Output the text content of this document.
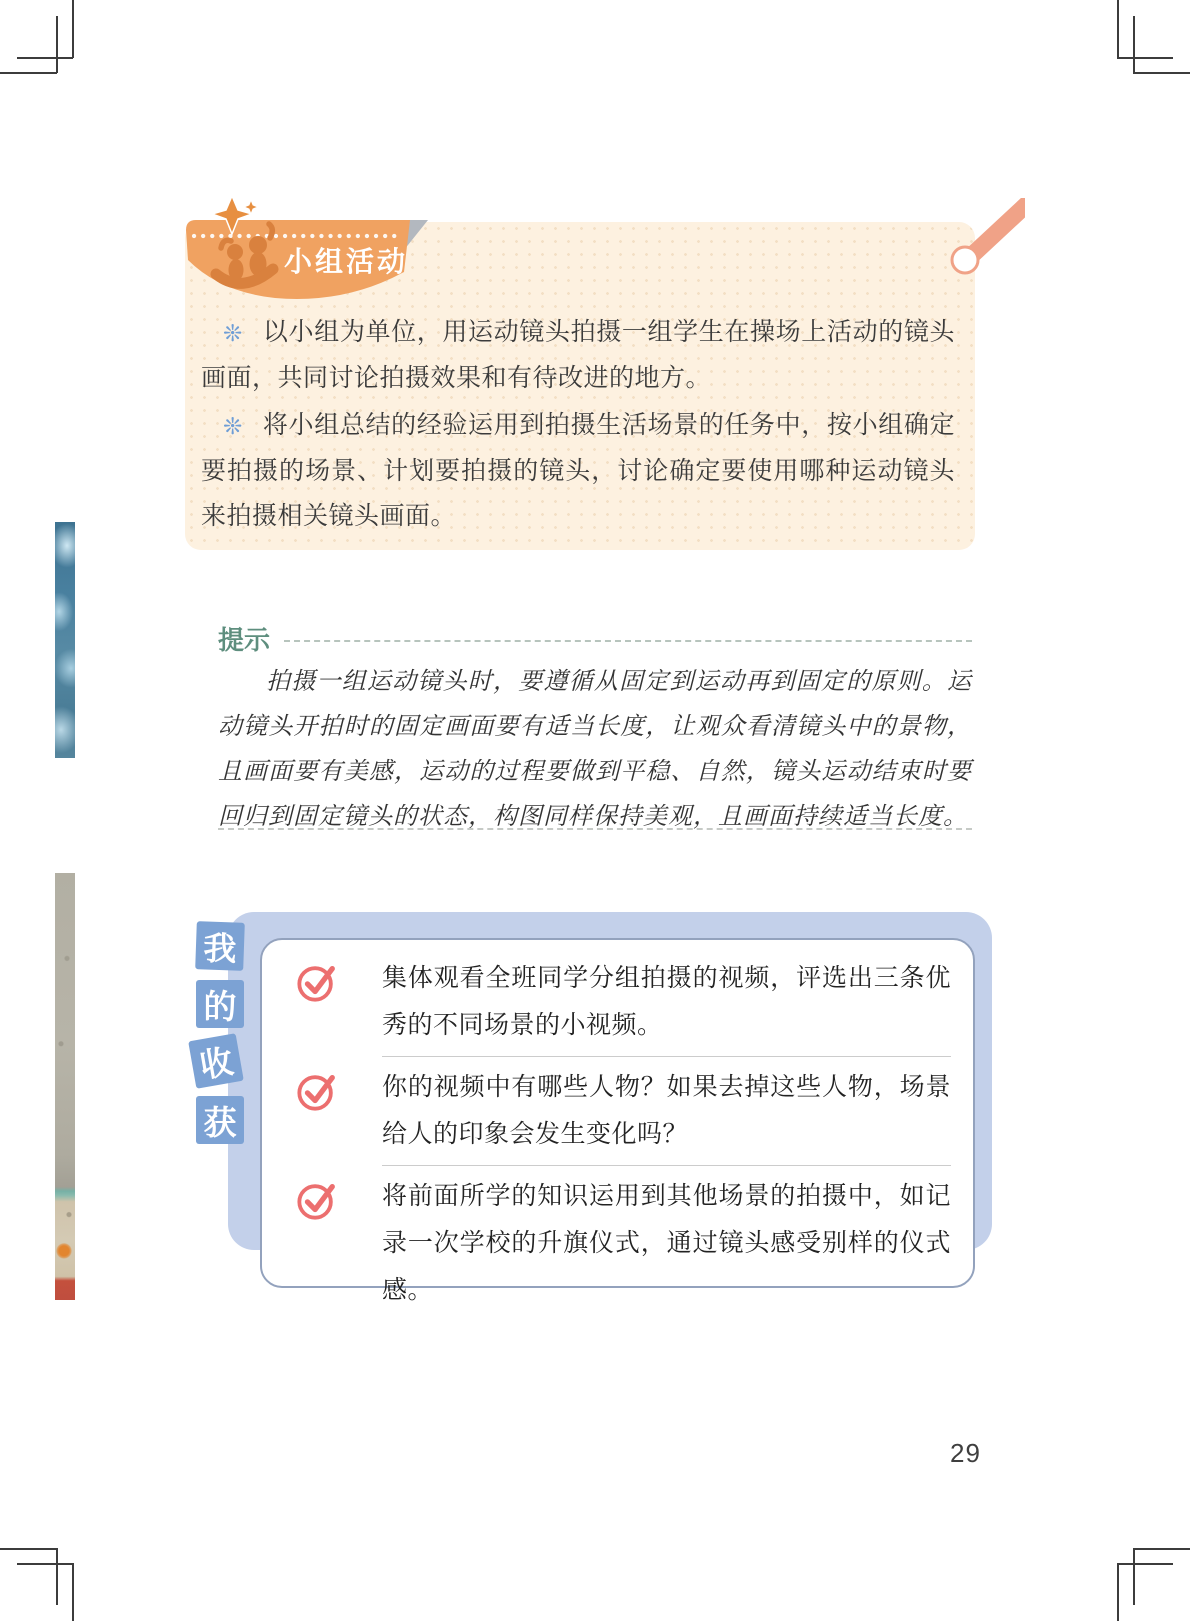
❊ 以小组为单位，用运动镜头拍摄一组学生在操场上活动的镜头画面，共同讨论拍摄效果和有待改进的地方。

❊ 将小组总结的经验运用到拍摄生活场景的任务中，按小组确定要拍摄的场景、计划要拍摄的镜头，讨论确定要使用哪种运动镜头来拍摄相关镜头画面。

小组活动
提示
拍摄一组运动镜头时，要遵循从固定到运动再到固定的原则。运动镜头开拍时的固定画面要有适当长度，让观众看清镜头中的景物，且画面要有美感，运动的过程要做到平稳、自然，镜头运动结束时要回归到固定镜头的状态，构图同样保持美观，且画面持续适当长度。
集体观看全班同学分组拍摄的视频，评选出三条优秀的不同场景的小视频。
你的视频中有哪些人物？如果去掉这些人物，场景给人的印象会发生变化吗？
将前面所学的知识运用到其他场景的拍摄中，如记录一次学校的升旗仪式，通过镜头感受别样的仪式感。
我
的
收
获
29
